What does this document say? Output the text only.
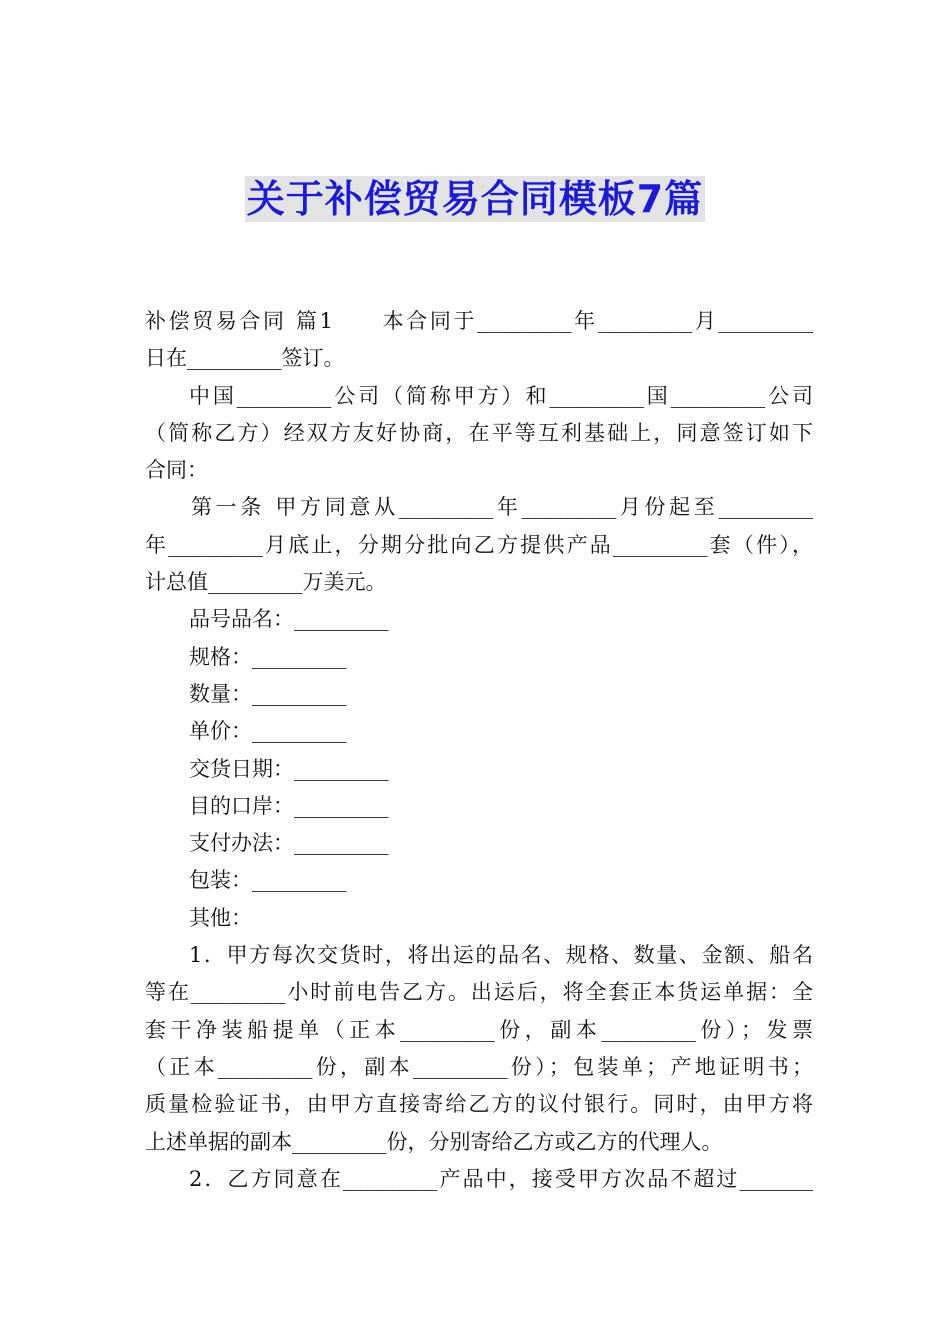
关于补偿贸易合同模板7篇
补偿贸易合同 篇1　　本合同于_________年_________月_________
日在_________签订。
中国_________公司（简称甲方）和_________国_________公司
（简称乙方）经双方友好协商，在平等互利基础上，同意签订如下
合同：
第一条 甲方同意从_________年_________月份起至_________
年_________月底止，分期分批向乙方提供产品_________套（件），
计总值_________万美元。
品号品名：_________
规格：_________
数量：_________
单价：_________
交货日期：_________
目的口岸：_________
支付办法：_________
包装：_________
其他：
1．甲方每次交货时，将出运的品名、规格、数量、金额、船名
等在_________小时前电告乙方。出运后，将全套正本货运单据：全
套干净装船提单（正本_________份，副本_________份）；发票
（正本_________份，副本_________份）；包装单；产地证明书；
质量检验证书，由甲方直接寄给乙方的议付银行。同时，由甲方将
上述单据的副本_________份，分别寄给乙方或乙方的代理人。
2．乙方同意在_________产品中，接受甲方次品不超过_______
